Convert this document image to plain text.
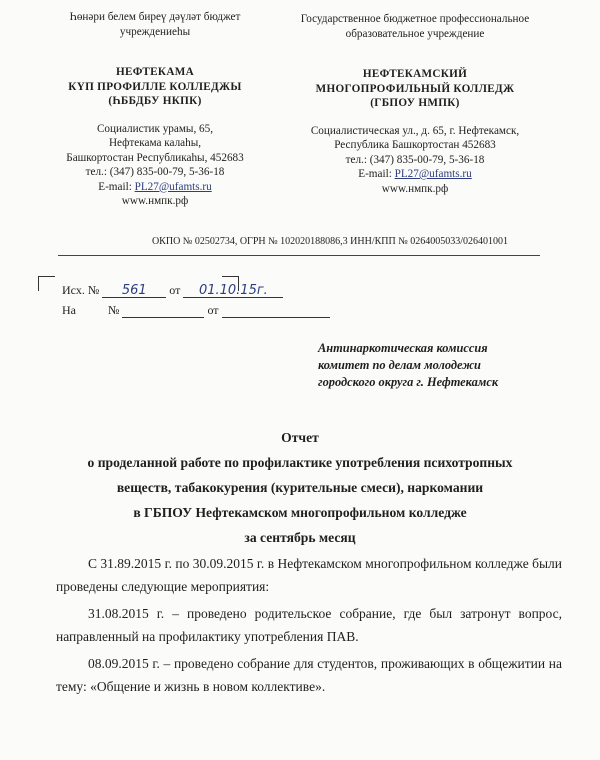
Һөнәри белем биреү дәүләт бюджет
учреждениеһы
НЕФТЕКАМА
КҮП ПРОФИЛЛЕ КОЛЛЕДЖЫ
(ҺББДБУ НКПК)
Социалистик урамы, 65,
Нефтекама калаһы,
Башкортостан Республикаһы, 452683
тел.: (347) 835-00-79, 5-36-18
E-mail: PL27@ufamts.ru
www.нмпк.рф
Государственное бюджетное профессиональное
образовательное учреждение
НЕФТЕКАМСКИЙ
МНОГОПРОФИЛЬНЫЙ КОЛЛЕДЖ
(ГБПОУ НМПК)
Социалистическая ул., д. 65, г. Нефтекамск,
Республика Башкортостан 452683
тел.: (347) 835-00-79, 5-36-18
E-mail: PL27@ufamts.ru
www.нмпк.рф
ОКПО № 02502734, ОГРН № 102020188086,3 ИНН/КПП № 0264005033/026401001
Исх. № 561 от 01.10.15г.
На	№	от
Антинаркотическая комиссия
комитет по делам молодежи
городского округа г. Нефтекамск
Отчет
о проделанной работе по профилактике употребления психотропных
веществ, табакокурения (курительные смеси), наркомании
в ГБПОУ Нефтекамском многопрофильном колледже
за сентябрь месяц

С 31.89.2015 г. по 30.09.2015 г. в Нефтекамском многопрофильном колледже были проведены следующие мероприятия:

31.08.2015 г. – проведено родительское собрание, где был затронут вопрос, направленный на профилактику употребления ПАВ.

08.09.2015 г. – проведено собрание для студентов, проживающих в общежитии на тему: «Общение и жизнь в новом коллективе».
